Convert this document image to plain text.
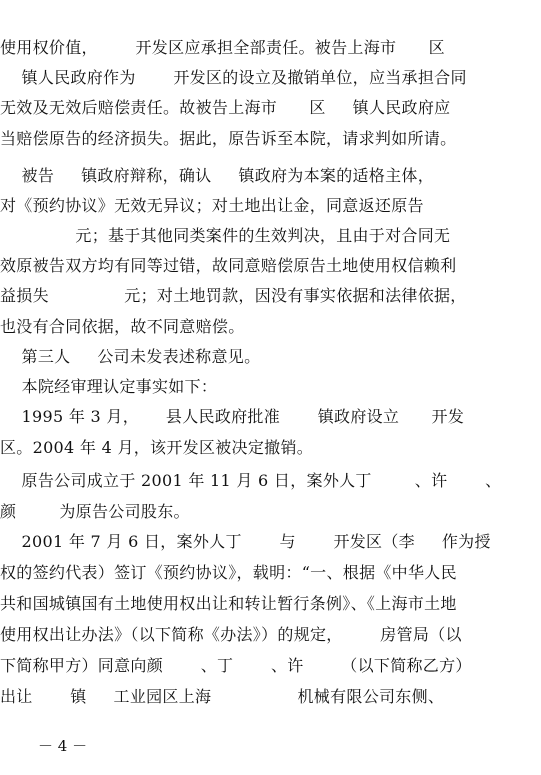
使用权价值，       开发区应承担全部责任。被告上海市      区
镇人民政府作为       开发区的设立及撤销单位，应当承担合同
无效及无效后赔偿责任。故被告上海市      区     镇人民政府应
当赔偿原告的经济损失。据此，原告诉至本院，请求判如所请。
被告     镇政府辩称，确认     镇政府为本案的适格主体，
对《预约协议》无效无异议；对土地出让金，同意返还原告
元；基于其他同类案件的生效判决，且由于对合同无
效原被告双方均有同等过错，故同意赔偿原告土地使用权信赖利
益损失              元；对土地罚款，因没有事实依据和法律依据，
也没有合同依据，故不同意赔偿。
第三人     公司未发表述称意见。
本院经审理认定事实如下：
1995 年 3 月，     县人民政府批准       镇政府设立      开发
区。2004 年 4 月，该开发区被决定撤销。
原告公司成立于 2001 年 11 月 6 日，案外人丁        、许       、
颜        为原告公司股东。
2001 年 7 月 6 日，案外人丁       与       开发区（李     作为授
权的签约代表）签订《预约协议》，载明：“一、根据《中华人民
共和国城镇国有土地使用权出让和转让暂行条例》、《上海市土地
使用权出让办法》（以下简称《办法》）的规定，       房管局（以
下简称甲方）同意向颜       、丁       、许       （以下简称乙方）
出让       镇     工业园区上海                机械有限公司东侧、
－ 4 －
